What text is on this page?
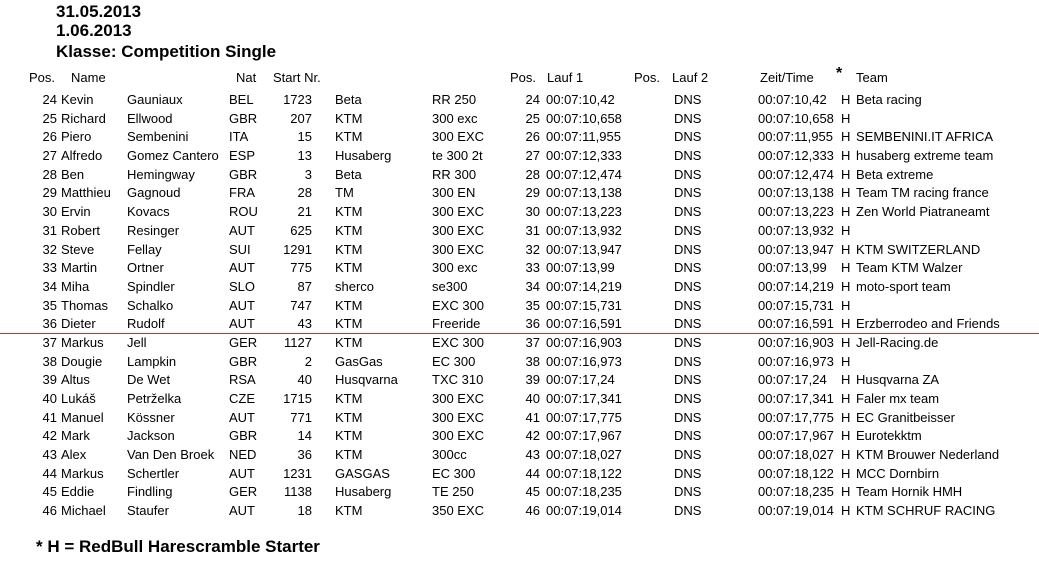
31.05.2013
1.06.2013
Klasse: Competition Single
Pos. Name	Nat Start Nr.	Pos. Lauf 1	Pos. Lauf 2	Zeit/Time * Team
24 Kevin	Gauniaux	BEL	1723 Beta	RR 250	24 00:07:10,42	DNS	00:07:10,42 H Beta racing
25 Richard Ellwood	GBR	207 KTM	300 exc	25 00:07:10,658	DNS	00:07:10,658 H
26 Piero	Sembenini	ITA	15 KTM	300 EXC	26 00:07:11,955	DNS	00:07:11,955 H SEMBENINI.IT AFRICA
27 Alfredo Gomez Cantero ESP	13 Husaberg	te 300 2t	27 00:07:12,333	DNS	00:07:12,333 H husaberg extreme team
28 Ben	Hemingway	GBR	3 Beta	RR 300	28 00:07:12,474	DNS	00:07:12,474 H Beta extreme
29 Matthieu Gagnoud	FRA	28 TM	300 EN	29 00:07:13,138	DNS	00:07:13,138 H Team TM racing france
30 Ervin	Kovacs	ROU	21 KTM	300 EXC	30 00:07:13,223	DNS	00:07:13,223 H Zen World Piatraneamt
31 Robert Resinger	AUT	625 KTM	300 EXC	31 00:07:13,932	DNS	00:07:13,932 H
32 Steve	Fellay	SUI	1291 KTM	300 EXC	32 00:07:13,947	DNS	00:07:13,947 H KTM SWITZERLAND
33 Martin Ortner	AUT	775 KTM	300 exc	33 00:07:13,99	DNS	00:07:13,99 H Team KTM Walzer
34 Miha	Spindler	SLO	87 sherco	se300	34 00:07:14,219	DNS	00:07:14,219 H moto-sport team
35 Thomas Schalko	AUT	747 KTM	EXC 300	35 00:07:15,731	DNS	00:07:15,731 H
36 Dieter Rudolf	AUT	43 KTM	Freeride	36 00:07:16,591	DNS	00:07:16,591 H Erzberrodeo and Friends
37 Markus Jell	GER	1127 KTM	EXC 300	37 00:07:16,903	DNS	00:07:16,903 H Jell-Racing.de
38 Dougie Lampkin	GBR	2 GasGas	EC 300	38 00:07:16,973	DNS	00:07:16,973 H
39 Altus	De Wet	RSA	40 Husqvarna	TXC 310	39 00:07:17,24	DNS	00:07:17,24 H Husqvarna ZA
40 Lukáš Petrželka	CZE	1715 KTM	300 EXC	40 00:07:17,341	DNS	00:07:17,341 H Faler mx team
41 Manuel Kössner	AUT	771 KTM	300 EXC	41 00:07:17,775	DNS	00:07:17,775 H EC Granitbeisser
42 Mark	Jackson	GBR	14 KTM	300 EXC	42 00:07:17,967	DNS	00:07:17,967 H Eurotekktm
43 Alex	Van Den Broek NED	36 KTM	300cc	43 00:07:18,027	DNS	00:07:18,027 H KTM Brouwer Nederland
44 Markus Schertler	AUT	1231 GASGAS	EC 300	44 00:07:18,122	DNS	00:07:18,122 H MCC Dornbirn
45 Eddie	Findling	GER	1138 Husaberg	TE 250	45 00:07:18,235	DNS	00:07:18,235 H Team Hornik HMH
46 Michael Staufer	AUT	18 KTM	350 EXC	46 00:07:19,014	DNS	00:07:19,014 H KTM SCHRUF RACING
* H = RedBull Harescramble Starter
